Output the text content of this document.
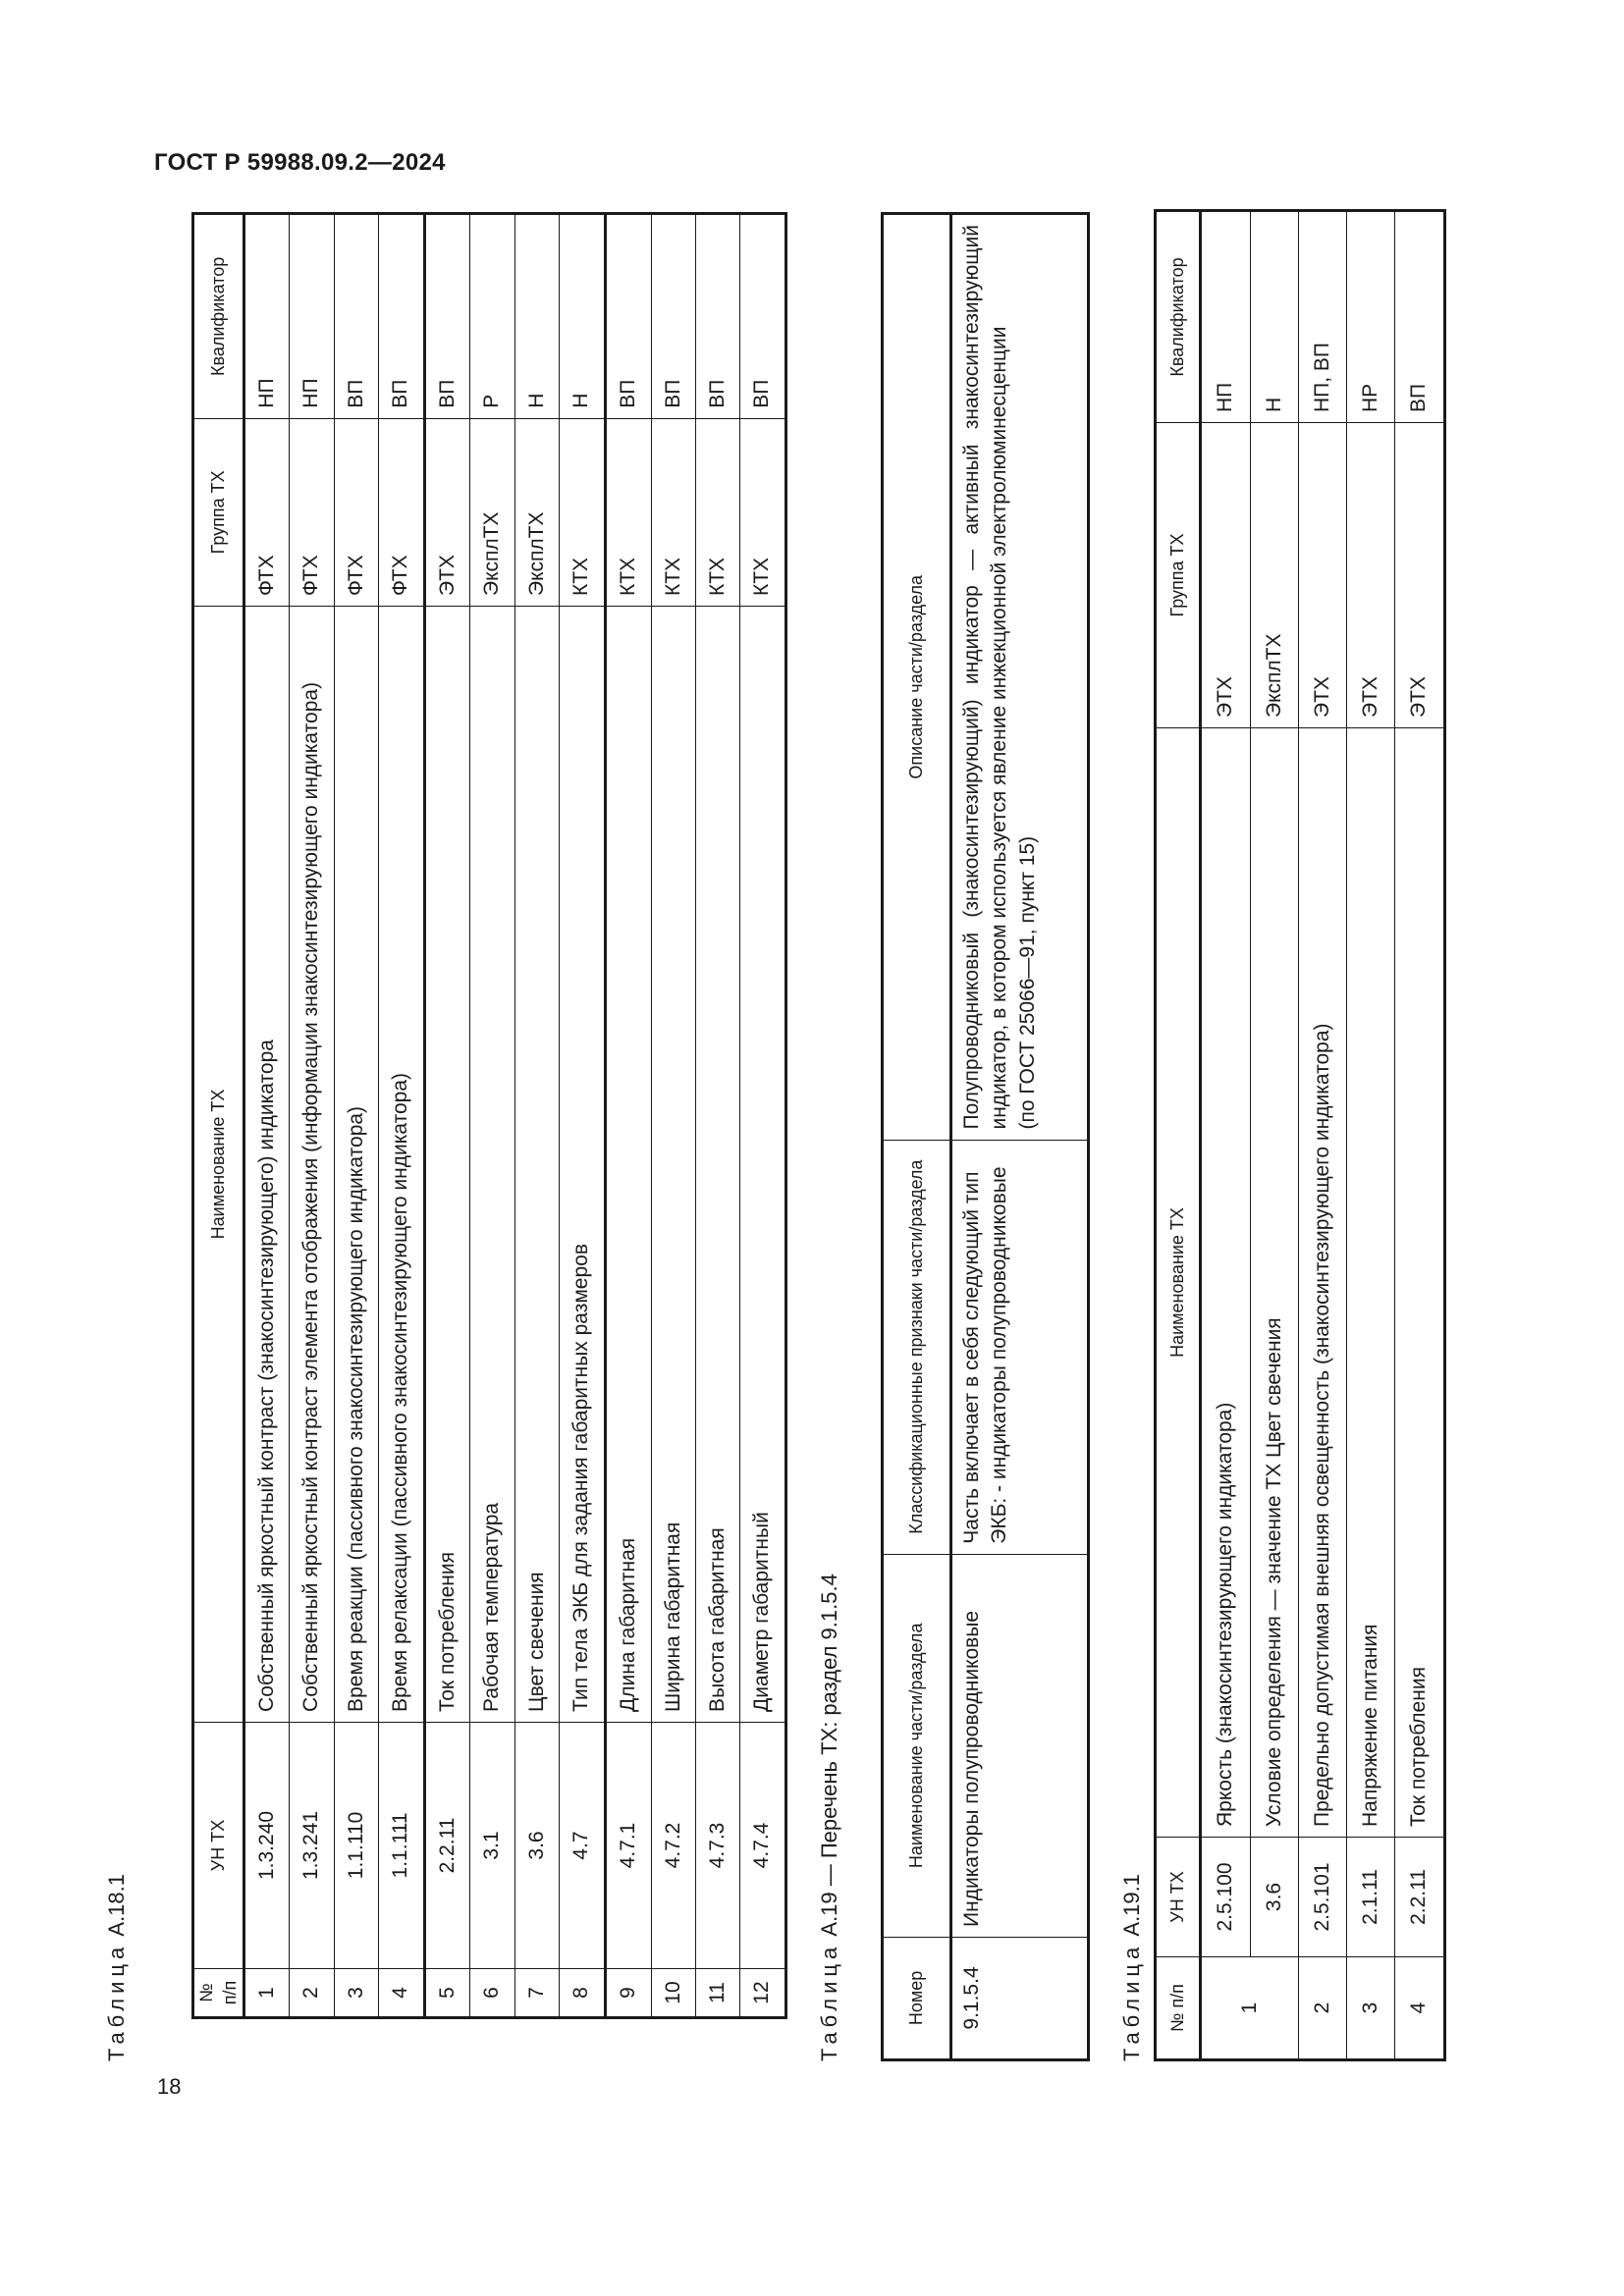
ГОСТ Р 59988.09.2—2024
18
Таблица А.18.1
№ п/п	УН ТХ	Наименование ТХ	Группа ТХ	Квалификатор
1	1.3.240	Собственный яркостный контраст (знакосинтезирующего) индикатора	ФТХ	НП
2	1.3.241	Собственный яркостный контраст элемента отображения (информации знакосинтезирующего индикатора)	ФТХ	НП
3	1.1.110	Время реакции (пассивного знакосинтезирующего индикатора)	ФТХ	ВП
4	1.1.111	Время релаксации (пассивного знакосинтезирующего индикатора)	ФТХ	ВП
5	2.2.11	Ток потребления	ЭТХ	ВП
6	3.1	Рабочая температура	ЭксплТХ	Р
7	3.6	Цвет свечения	ЭксплТХ	Н
8	4.7	Тип тела ЭКБ для задания габаритных размеров	КТХ	Н
9	4.7.1	Длина габаритная	КТХ	ВП
10	4.7.2	Ширина габаритная	КТХ	ВП
11	4.7.3	Высота габаритная	КТХ	ВП
12	4.7.4	Диаметр габаритный	КТХ	ВП
Таблица А.19 — Перечень ТХ: раздел 9.1.5.4
Номер	Наименование части/раздела	Классификационные признаки части/раздела	Описание части/раздела
9.1.5.4	Индикаторы полупроводниковые	Часть включает в себя следующий тип ЭКБ: - индикаторы полупроводниковые	Полупроводниковый (знакосинтезирующий) индикатор — активный знакосинтезирующий индикатор, в котором используется явление инжекционной электролюминесценции (по ГОСТ 25066—91, пункт 15)
Таблица А.19.1
№ п/п	УН ТХ	Наименование ТХ	Группа ТХ	Квалификатор
1	2.5.100	Яркость (знакосинтезирующего индикатора)	ЭТХ	НП
	3.6	Условие определения — значение ТХ Цвет свечения	ЭксплТХ	Н
2	2.5.101	Предельно допустимая внешняя освещенность (знакосинтезирующего индикатора)	ЭТХ	НП, ВП
3	2.1.11	Напряжение питания	ЭТХ	НР
4	2.2.11	Ток потребления	ЭТХ	ВП
